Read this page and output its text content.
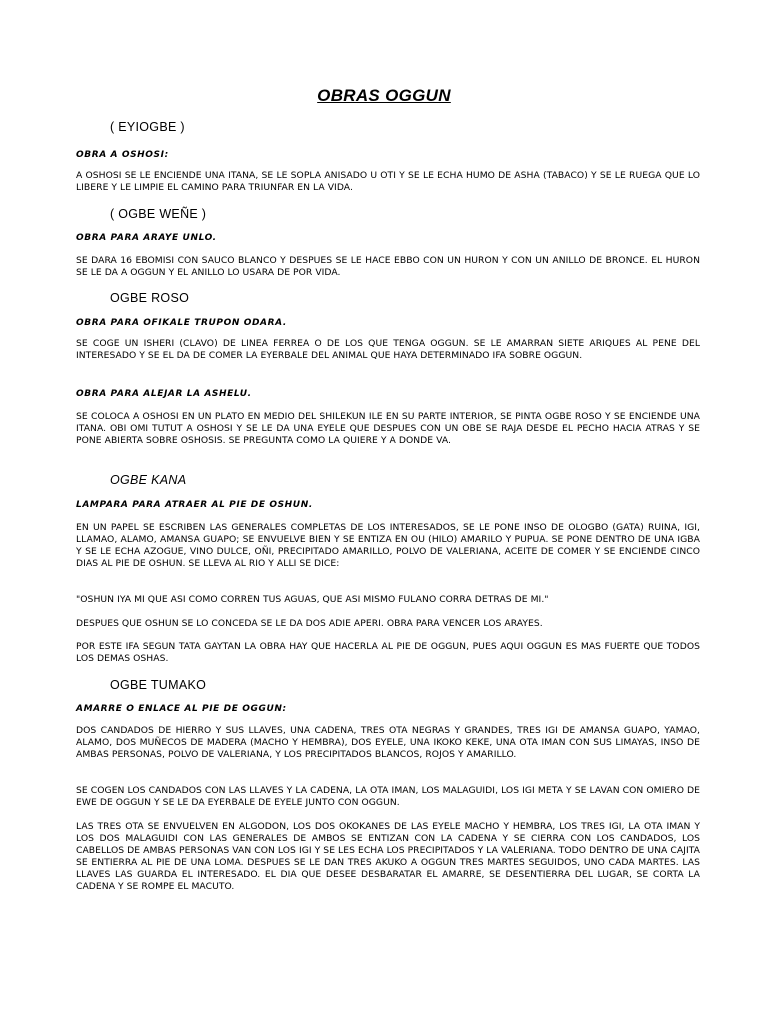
OBRAS OGGUN
( EYIOGBE )
OBRA A OSHOSI:
A OSHOSI SE LE ENCIENDE UNA ITANA, SE LE SOPLA ANISADO U OTI Y SE LE ECHA HUMO DE ASHA (TABACO) Y SE LE RUEGA QUE LO LIBERE Y LE LIMPIE EL CAMINO PARA TRIUNFAR EN LA VIDA.
( OGBE WEÑE )
OBRA PARA ARAYE UNLO.
SE DARA 16 EBOMISI CON SAUCO BLANCO Y DESPUES SE LE HACE EBBO CON UN HURON Y CON UN ANILLO DE BRONCE. EL HURON SE LE DA A OGGUN Y EL ANILLO LO USARA DE POR VIDA.
OGBE ROSO
OBRA PARA OFIKALE TRUPON ODARA.
SE COGE UN ISHERI (CLAVO) DE LINEA FERREA O DE LOS QUE TENGA OGGUN. SE LE AMARRAN SIETE ARIQUES AL PENE DEL INTERESADO Y SE EL DA DE COMER LA EYERBALE DEL ANIMAL QUE HAYA DETERMINADO IFA SOBRE OGGUN.
OBRA PARA ALEJAR LA ASHELU.
SE COLOCA A OSHOSI EN UN PLATO EN MEDIO DEL SHILEKUN ILE EN SU PARTE INTERIOR, SE PINTA OGBE ROSO Y SE ENCIENDE UNA ITANA. OBI OMI TUTUT A OSHOSI Y SE LE DA UNA EYELE QUE DESPUES CON UN OBE SE RAJA DESDE EL PECHO HACIA ATRAS Y SE PONE ABIERTA SOBRE OSHOSIS. SE PREGUNTA COMO LA QUIERE Y A DONDE VA.
OGBE KANA
LAMPARA PARA ATRAER AL PIE DE OSHUN.
EN UN PAPEL SE ESCRIBEN LAS GENERALES COMPLETAS DE LOS INTERESADOS, SE LE PONE INSO DE OLOGBO (GATA) RUINA, IGI, LLAMAO, ALAMO, AMANSA GUAPO; SE ENVUELVE BIEN Y SE ENTIZA EN OU (HILO) AMARILO Y PUPUA. SE PONE DENTRO DE UNA IGBA Y SE LE ECHA AZOGUE, VINO DULCE, OÑI, PRECIPITADO AMARILLO, POLVO DE VALERIANA, ACEITE DE COMER Y SE ENCIENDE CINCO DIAS AL PIE DE OSHUN. SE LLEVA AL RIO Y ALLI SE DICE:
"OSHUN IYA MI QUE ASI COMO CORREN TUS AGUAS, QUE ASI MISMO FULANO CORRA DETRAS DE MI."
DESPUES QUE OSHUN SE LO CONCEDA SE LE DA DOS ADIE APERI. OBRA PARA VENCER LOS ARAYES.
POR ESTE IFA SEGUN TATA GAYTAN LA OBRA HAY QUE HACERLA AL PIE DE OGGUN, PUES AQUI OGGUN ES MAS FUERTE QUE TODOS LOS DEMAS OSHAS.
OGBE TUMAKO
AMARRE O ENLACE AL PIE DE OGGUN:
DOS CANDADOS DE HIERRO Y SUS LLAVES, UNA CADENA, TRES OTA NEGRAS Y GRANDES, TRES IGI DE AMANSA GUAPO, YAMAO, ALAMO, DOS MUÑECOS DE MADERA (MACHO Y HEMBRA), DOS EYELE, UNA IKOKO KEKE, UNA OTA IMAN CON SUS LIMAYAS, INSO DE AMBAS PERSONAS, POLVO DE VALERIANA, Y LOS PRECIPITADOS BLANCOS, ROJOS Y AMARILLO.
SE COGEN LOS CANDADOS CON LAS LLAVES Y LA CADENA, LA OTA IMAN, LOS MALAGUIDI, LOS IGI META Y SE LAVAN CON OMIERO DE EWE DE OGGUN Y SE LE DA EYERBALE DE EYELE JUNTO CON OGGUN.
LAS TRES OTA SE ENVUELVEN EN ALGODON, LOS DOS OKOKANES DE LAS EYELE MACHO Y HEMBRA, LOS TRES IGI, LA OTA IMAN Y LOS DOS MALAGUIDI CON LAS GENERALES DE AMBOS SE ENTIZAN CON LA CADENA Y SE CIERRA CON LOS CANDADOS, LOS CABELLOS DE AMBAS PERSONAS VAN CON LOS IGI Y SE LES ECHA LOS PRECIPITADOS Y LA VALERIANA. TODO DENTRO DE UNA CAJITA SE ENTIERRA AL PIE DE UNA LOMA. DESPUES SE LE DAN TRES AKUKO A OGGUN TRES MARTES SEGUIDOS, UNO CADA MARTES. LAS LLAVES LAS GUARDA EL INTERESADO. EL DIA QUE DESEE DESBARATAR EL AMARRE, SE DESENTIERRA DEL LUGAR, SE CORTA LA CADENA Y SE ROMPE EL MACUTO.
